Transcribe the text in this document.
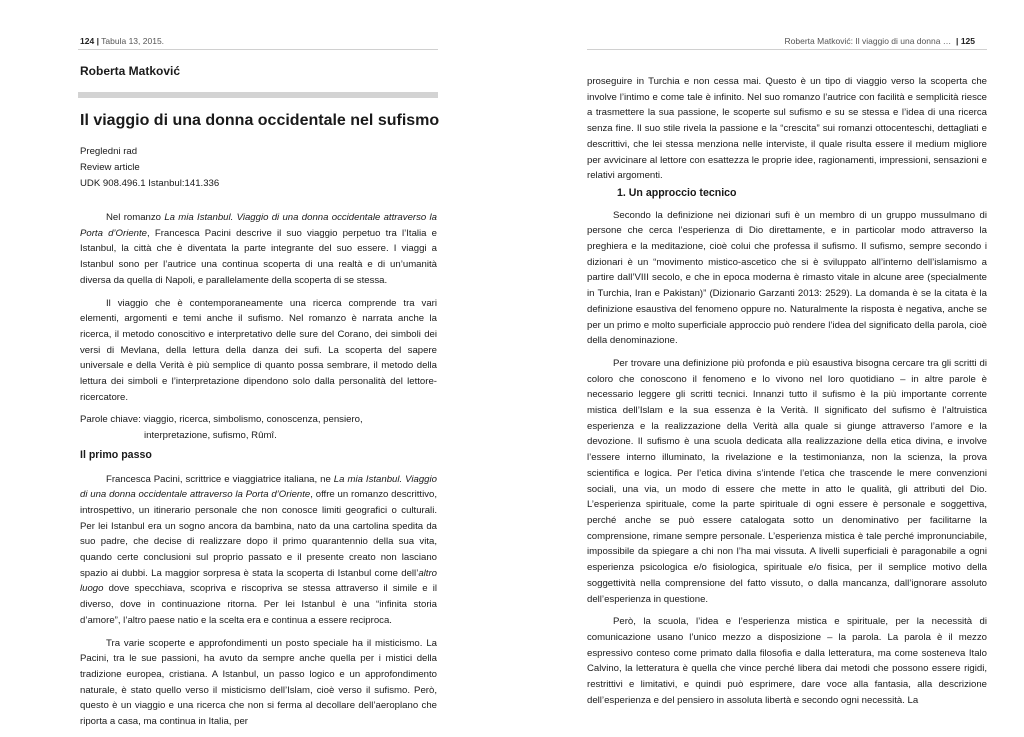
124 | Tabula 13, 2015.
Roberta Matković
Il viaggio di una donna occidentale nel sufismo
Pregledni rad
Review article
UDK 908.496.1 Istanbul:141.336

Nel romanzo La mia Istanbul. Viaggio di una donna occidentale attraverso la Porta d’Oriente, Francesca Pacini descrive il suo viaggio perpetuo tra l’Italia e Istanbul, la città che è diventata la parte integrante del suo essere. I viaggi a Istanbul sono per l’autrice una continua scoperta di una realtà e di un’umanità diversa da quella di Napoli, e parallelamente della scoperta di se stessa.

Il viaggio che è contemporaneamente una ricerca comprende tra vari elementi, argomenti e temi anche il sufismo. Nel romanzo è narrata anche la ricerca, il metodo conoscitivo e interpretativo delle sure del Corano, dei simboli dei versi di Mevlana, della lettura della danza dei sufi. La scoperta del sapere universale e della Verità è più semplice di quanto possa sembrare, il metodo della lettura dei simboli e l’interpretazione dipendono solo dalla personalità del lettore-ricercatore.

Parole chiave: viaggio, ricerca, simbolismo, conoscenza, pensiero,
interpretazione, sufismo, Rûmî.
Il primo passo

Francesca Pacini, scrittrice e viaggiatrice italiana, ne La mia Istanbul. Viaggio di una donna occidentale attraverso la Porta d’Oriente, offre un romanzo descrittivo, introspettivo, un itinerario personale che non conosce limiti geografici o culturali. Per lei Istanbul era un sogno ancora da bambina, nato da una cartolina spedita da suo padre, che decise di realizzare dopo il primo quarantennio della sua vita, quando certe conclusioni sul proprio passato e il presente creato non lasciano spazio ai dubbi. La maggior sorpresa è stata la scoperta di Istanbul come dell’altro luogo dove specchiava, scopriva e riscopriva se stessa attraverso il simile e il diverso, dove in continuazione ritorna. Per lei Istanbul è una “infinita storia d’amore”, l’altro paese natio e la scelta era e continua a essere reciproca.

Tra varie scoperte e approfondimenti un posto speciale ha il misticismo. La Pacini, tra le sue passioni, ha avuto da sempre anche quella per i mistici della tradizione europea, cristiana. A Istanbul, un passo logico e un approfondimento naturale, è stato quello verso il misticismo dell’Islam, cioè verso il sufismo. Però, questo è un viaggio e una ricerca che non si ferma al decollare dell’aeroplano che riporta a casa, ma continua in Italia, per

Roberta Matković: Il viaggio di una donna … | 125

proseguire in Turchia e non cessa mai. Questo è un tipo di viaggio verso la scoperta che involve l’intimo e come tale è infinito. Nel suo romanzo l’autrice con facilità e semplicità riesce a trasmettere la sua passione, le scoperte sul sufismo e su se stessa e l’idea di una ricerca senza fine. Il suo stile rivela la passione e la “crescita” sui romanzi ottocenteschi, dettagliati e descrittivi, che lei stessa menziona nelle interviste, il quale risulta essere il medium migliore per avvicinare al lettore con esattezza le proprie idee, ragionamenti, impressioni, sensazioni e relativi argomenti.

1. Un approccio tecnico

Secondo la definizione nei dizionari sufi è un membro di un gruppo mussulmano di persone che cerca l’esperienza di Dio direttamente, e in particolar modo attraverso la preghiera e la meditazione, cioè colui che professa il sufismo. Il sufismo, sempre secondo i dizionari è un “movimento mistico-ascetico che si è sviluppato all’interno dell’islamismo a partire dall’VIII secolo, e che in epoca moderna è rimasto vitale in alcune aree (specialmente in Turchia, Iran e Pakistan)” (Dizionario Garzanti 2013: 2529). La domanda è se la citata è la definizione esaustiva del fenomeno oppure no. Naturalmente la risposta è negativa, anche se per un primo e molto superficiale approccio può rendere l’idea del significato della parola, cioè della denominazione.

Per trovare una definizione più profonda e più esaustiva bisogna cercare tra gli scritti di coloro che conoscono il fenomeno e lo vivono nel loro quotidiano – in altre parole è necessario leggere gli scritti tecnici. Innanzi tutto il sufismo è la più importante corrente mistica dell’Islam e la sua essenza è la Verità. Il significato del sufismo è l’altruistica esperienza e la realizzazione della Verità alla quale si giunge attraverso l’amore e la devozione. Il sufismo è una scuola dedicata alla realizzazione della etica divina, e involve l’essere interno illuminato, la rivelazione e la testimonianza, non la scienza, la prova scientifica e logica. Per l’etica divina s’intende l’etica che trascende le mere convenzioni sociali, una via, un modo di essere che mette in atto le qualità, gli attributi del Dio. L’esperienza spirituale, come la parte spirituale di ogni essere è personale e soggettiva, perché anche se può essere catalogata sotto un denominativo per facilitarne la comprensione, rimane sempre personale. L’esperienza mistica è tale perché impronunciabile, impossibile da spiegare a chi non l’ha mai vissuta. A livelli superficiali è paragonabile a ogni esperienza psicologica e/o fisiologica, spirituale e/o fisica, per il semplice motivo della soggettività nella comprensione del fatto vissuto, o dalla mancanza, dall’ignorare assoluto dell’esperienza in questione.

Però, la scuola, l’idea e l’esperienza mistica e spirituale, per la necessità di comunicazione usano l’unico mezzo a disposizione – la parola. La parola è il mezzo espressivo conteso come primato dalla filosofia e dalla letteratura, ma come sosteneva Italo Calvino, la letteratura è quella che vince perché libera dai metodi che possono essere rigidi, restrittivi e limitativi, e quindi può esprimere, dare voce alla fantasia, alla descrizione dell’esperienza e del pensiero in assoluta libertà e secondo ogni necessità. La
